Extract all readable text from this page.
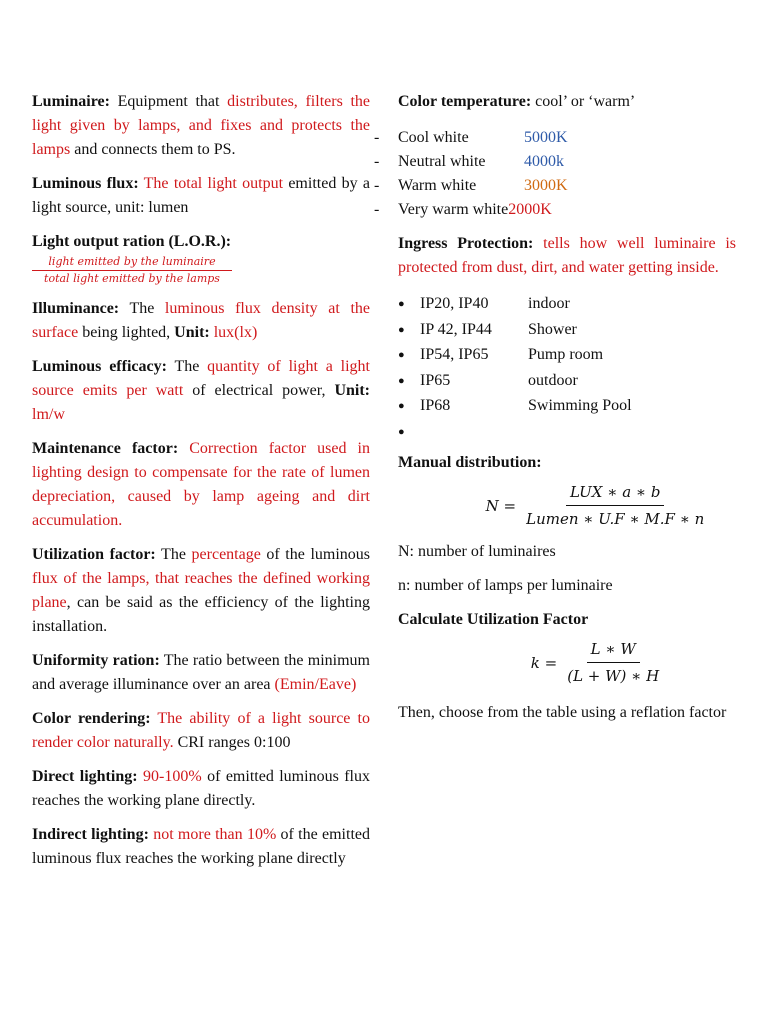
Luminaire: Equipment that distributes, filters the light given by lamps, and fixes and protects the lamps and connects them to PS.

Luminous flux: The total light output emitted by a light source, unit: lumen

Light output ration (L.O.R.):
light emitted by the luminaire
total light emitted by the lamps

Illuminance: The luminous flux density at the surface being lighted, Unit: lux(lx)

Luminous efficacy: The quantity of light a light source emits per watt of electrical power, Unit: lm/w

Maintenance factor: Correction factor used in lighting design to compensate for the rate of lumen depreciation, caused by lamp ageing and dirt accumulation.

Utilization factor: The percentage of the luminous flux of the lamps, that reaches the defined working plane, can be said as the efficiency of the lighting installation.

Uniformity ration: The ratio between the minimum and average illuminance over an area (Emin/Eave)

Color rendering: The ability of a light source to render color naturally. CRI ranges 0:100

Direct lighting: 90-100% of emitted luminous flux reaches the working plane directly.

Indirect lighting: not more than 10% of the emitted luminous flux reaches the working plane directly

Color temperature: cool’ or ‘warm’

- Cool white	5000K
- Neutral white 4000k
- Warm white	3000K
- Very warm white2000K

Ingress Protection: tells how well luminaire is protected from dust, dirt, and water getting inside.

● IP20, IP40 indoor
● IP 42, IP44 Shower
● IP54, IP65 Pump room
● IP65	outdoor
● IP68	Swimming Pool
●
Manual distribution:
N =
LUX ∗ a ∗ b
Lumen ∗ U.F ∗ M.F ∗ n

N: number of luminaires

n: number of lamps per luminaire

Calculate Utilization Factor
$k = \frac{L ∗ W}{(L + W) ∗ H}$

Then, choose from the table using a reflation factor
